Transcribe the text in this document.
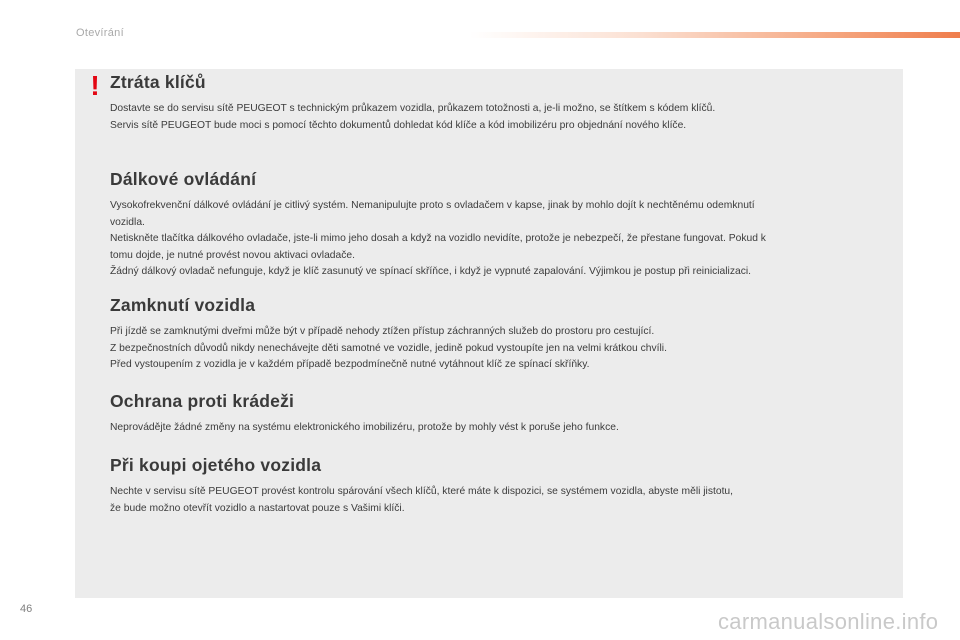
Otevírání
! Ztráta klíčů

Dostavte se do servisu sítě PEUGEOT s technickým průkazem vozidla, průkazem totožnosti a, je-li možno, se štítkem s kódem klíčů.
Servis sítě PEUGEOT bude moci s pomocí těchto dokumentů dohledat kód klíče a kód imobilizéru pro objednání nového klíče.

Dálkové ovládání

Vysokofrekvenční dálkové ovládání je citlivý systém. Nemanipulujte proto s ovladačem v kapse, jinak by mohlo dojít k nechtěnému odemknutí
vozidla.
Netiskněte tlačítka dálkového ovladače, jste-li mimo jeho dosah a když na vozidlo nevidíte, protože je nebezpečí, že přestane fungovat. Pokud k
tomu dojde, je nutné provést novou aktivaci ovladače.
Žádný dálkový ovladač nefunguje, když je klíč zasunutý ve spínací skříňce, i když je vypnuté zapalování. Výjimkou je postup při reinicializaci.

Zamknutí vozidla

Při jízdě se zamknutými dveřmi může být v případě nehody ztížen přístup záchranných služeb do prostoru pro cestující.
Z bezpečnostních důvodů nikdy nenechávejte děti samotné ve vozidle, jedině pokud vystoupíte jen na velmi krátkou chvíli.
Před vystoupením z vozidla je v každém případě bezpodmínečně nutné vytáhnout klíč ze spínací skříňky.

Ochrana proti krádeži

Neprovádějte žádné změny na systému elektronického imobilizéru, protože by mohly vést k poruše jeho funkce.

Při koupi ojetého vozidla

Nechte v servisu sítě PEUGEOT provést kontrolu spárování všech klíčů, které máte k dispozici, se systémem vozidla, abyste měli jistotu,
že bude možno otevřít vozidlo a nastartovat pouze s Vašimi klíči.

46	carmanualsonline.info
